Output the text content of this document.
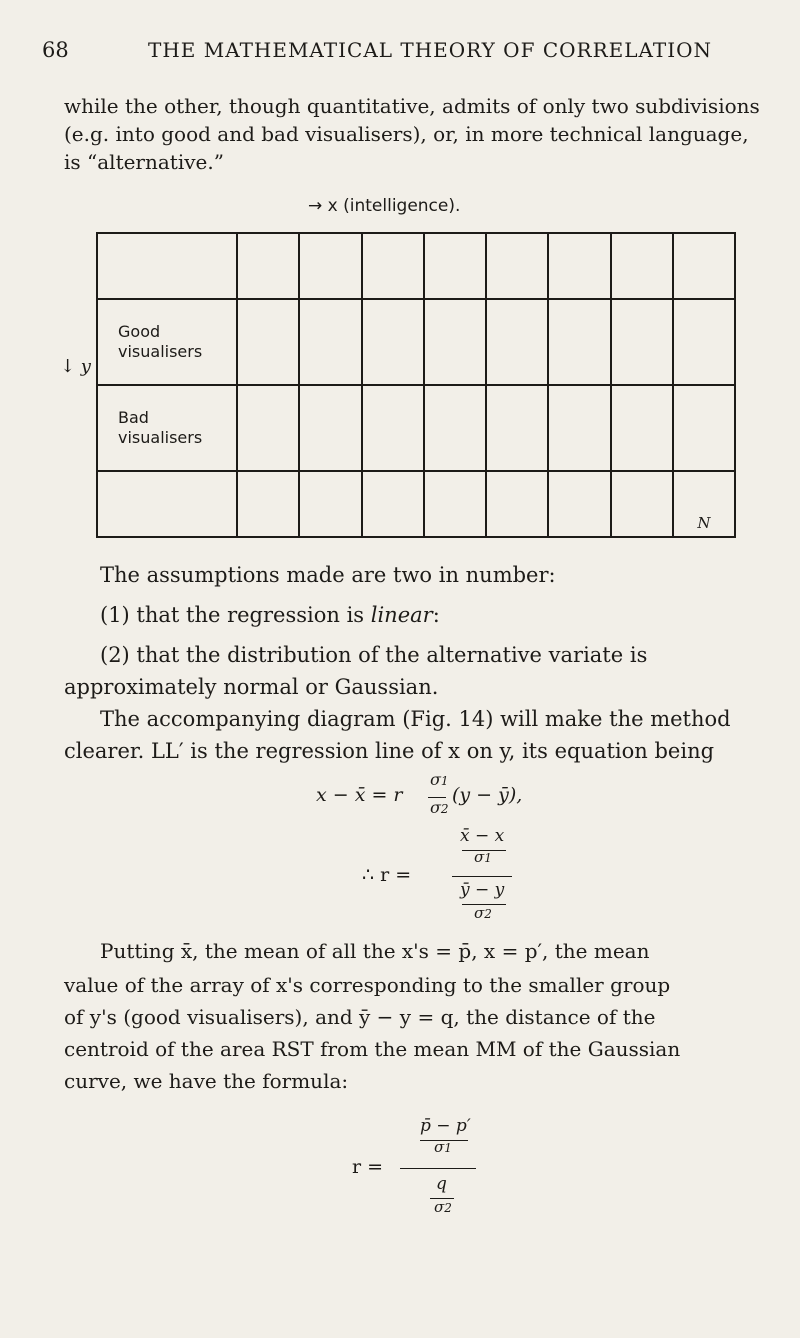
68	THE MATHEMATICAL THEORY OF CORRELATION
while the other, though quantitative, admits of only two subdivisions (e.g. into good and bad visualisers), or, in more technical language, is “alternative.”
→ x (intelligence).
↓ y

Good visualisers								
Bad visualisers								
								N
The assumptions made are two in number:
(1) that the regression is linear:
(2) that the distribution of the alternative variate is
approximately normal or Gaussian.
The accompanying diagram (Fig. 14) will make the method
clearer. LL′ is the regression line of x on y, its equation being
x − x̄ = r
σ1
σ2
(y − ȳ),
x̄ − x
σ1
∴ r =
ȳ − y
σ2
Putting x̄, the mean of all the x's = p̄, x = p′, the mean
value of the array of x's corresponding to the smaller group
of y's (good visualisers), and ȳ − y = q, the distance of the
centroid of the area RST from the mean MM of the Gaussian
curve, we have the formula:
p̄ − p′
σ1
r =
q
σ2
